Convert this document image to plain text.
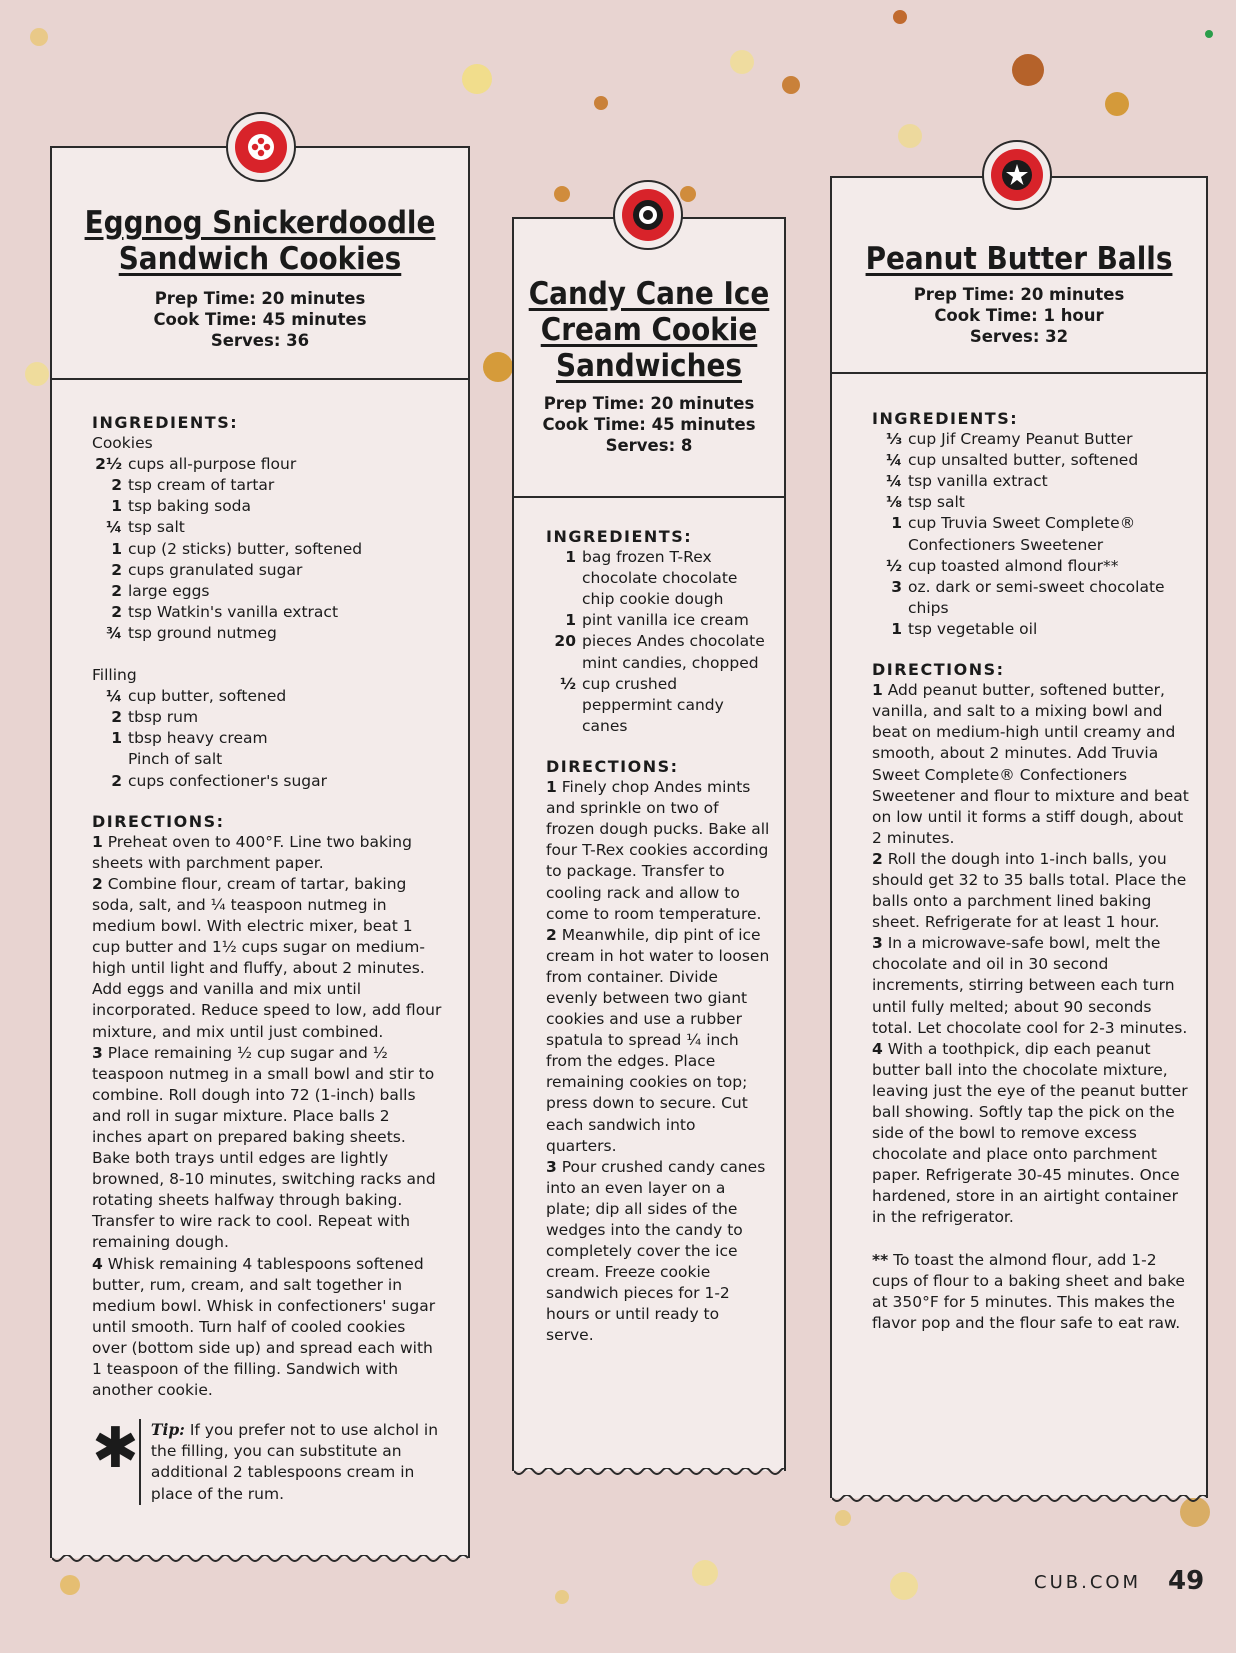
Eggnog Snickerdoodle
Sandwich Cookies
Prep Time: 20 minutes
Cook Time: 45 minutes
Serves: 36
INGREDIENTS:
Cookies
2½ cups all-purpose flour
2 tsp cream of tartar
1 tsp baking soda
¼ tsp salt
1 cup (2 sticks) butter, softened
2 cups granulated sugar
2 large eggs
2 tsp Watkin's vanilla extract
¾ tsp ground nutmeg
Filling
¼ cup butter, softened
2 tbsp rum
1 tbsp heavy cream
Pinch of salt
2 cups confectioner's sugar
DIRECTIONS:
1 Preheat oven to 400°F. Line two baking sheets with parchment paper.
2 Combine flour, cream of tartar, baking soda, salt, and ¼ teaspoon nutmeg in medium bowl. With electric mixer, beat 1 cup butter and 1½ cups sugar on medium-high until light and fluffy, about 2 minutes. Add eggs and vanilla and mix until incorporated. Reduce speed to low, add flour mixture, and mix until just combined.
3 Place remaining ½ cup sugar and ½ teaspoon nutmeg in a small bowl and stir to combine. Roll dough into 72 (1-inch) balls and roll in sugar mixture. Place balls 2 inches apart on prepared baking sheets. Bake both trays until edges are lightly browned, 8-10 minutes, switching racks and rotating sheets halfway through baking. Transfer to wire rack to cool. Repeat with remaining dough.
4 Whisk remaining 4 tablespoons softened butter, rum, cream, and salt together in medium bowl. Whisk in confectioners' sugar until smooth. Turn half of cooled cookies over (bottom side up) and spread each with 1 teaspoon of the filling. Sandwich with another cookie.
✱ Tip: If you prefer not to use alchol in the filling, you can substitute an additional 2 tablespoons cream in place of the rum.
Candy Cane Ice
Cream Cookie
Sandwiches
Prep Time: 20 minutes
Cook Time: 45 minutes
Serves: 8
INGREDIENTS:
1 bag frozen T-Rex chocolate chocolate chip cookie dough
1 pint vanilla ice cream
20 pieces Andes chocolate mint candies, chopped
½ cup crushed peppermint candy canes
DIRECTIONS:
1 Finely chop Andes mints and sprinkle on two of frozen dough pucks. Bake all four T-Rex cookies according to package. Transfer to cooling rack and allow to come to room temperature.
2 Meanwhile, dip pint of ice cream in hot water to loosen from container. Divide evenly between two giant cookies and use a rubber spatula to spread ¼ inch from the edges. Place remaining cookies on top; press down to secure. Cut each sandwich into quarters.
3 Pour crushed candy canes into an even layer on a plate; dip all sides of the wedges into the candy to completely cover the ice cream. Freeze cookie sandwich pieces for 1-2 hours or until ready to serve.
Peanut Butter Balls
Prep Time: 20 minutes
Cook Time: 1 hour
Serves: 32
INGREDIENTS:
⅓ cup Jif Creamy Peanut Butter
¼ cup unsalted butter, softened
¼ tsp vanilla extract
⅛ tsp salt
1 cup Truvia Sweet Complete® Confectioners Sweetener
½ cup toasted almond flour**
3 oz. dark or semi-sweet chocolate chips
1 tsp vegetable oil
DIRECTIONS:
1 Add peanut butter, softened butter, vanilla, and salt to a mixing bowl and beat on medium-high until creamy and smooth, about 2 minutes. Add Truvia Sweet Complete® Confectioners Sweetener and flour to mixture and beat on low until it forms a stiff dough, about 2 minutes.
2 Roll the dough into 1-inch balls, you should get 32 to 35 balls total. Place the balls onto a parchment lined baking sheet. Refrigerate for at least 1 hour.
3 In a microwave-safe bowl, melt the chocolate and oil in 30 second increments, stirring between each turn until fully melted; about 90 seconds total. Let chocolate cool for 2-3 minutes.
4 With a toothpick, dip each peanut butter ball into the chocolate mixture, leaving just the eye of the peanut butter ball showing. Softly tap the pick on the side of the bowl to remove excess chocolate and place onto parchment paper. Refrigerate 30-45 minutes. Once hardened, store in an airtight container in the refrigerator.
** To toast the almond flour, add 1-2 cups of flour to a baking sheet and bake at 350°F for 5 minutes. This makes the flavor pop and the flour safe to eat raw.
CUB.COM 49
